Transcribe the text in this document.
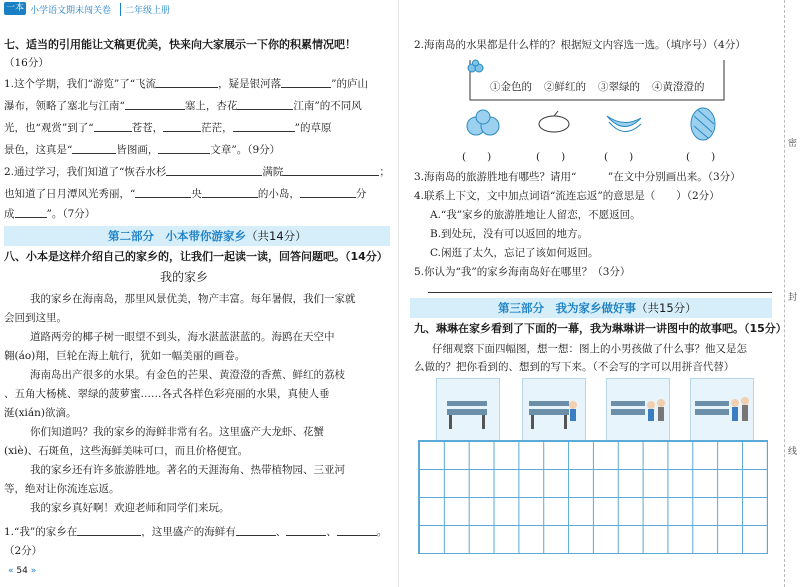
一本 小学语文期末闯关卷	二年级上册
七、适当的引用能让文稿更优美，快来向大家展示一下你的积累情况吧！
（16分）
1.这个学期，我们“游览”了“飞流	，疑是银河落	”的庐山
瀑布，领略了塞北与江南“	塞上，杏花	江南”的不同风
光，也“观赏”到了“	苍苍，	茫茫，	”的草原
景色，这真是“	皆图画，	文章”。（9分）
2.通过学习，我们知道了“恢吞水杉	满院	；
也知道了日月潭风光秀丽，“	央	的小岛，	分
成	”。（7分）
第二部分　小本带你游家乡（共14分）
八、小本是这样介绍自己的家乡的，让我们一起读一读，回答问题吧。（14分）
我的家乡
我的家乡在海南岛，那里风景优美，物产丰富。每年暑假，我们一家就
会回到这里。
道路两旁的椰子树一眼望不到头，海水湛蓝湛蓝的。海鸥在天空中
翱(áo)翔，巨轮在海上航行，犹如一幅美丽的画卷。
海南岛出产很多的水果。有金色的芒果、黄澄澄的香蕉、鲜红的荔枝
、五角大杨桃、翠绿的菠萝蜜……各式各样色彩亮丽的水果，真使人垂
涎(xián)欲滴。
你们知道吗？我的家乡的海鲜非常有名。这里盛产大龙虾、花蟹
(xiè)、石斑鱼，这些海鲜美味可口，而且价格便宜。
我的家乡还有许多旅游胜地。著名的天涯海角、热带植物园、三亚河
等，绝对让你流连忘返。
我的家乡真好啊！欢迎老师和同学们来玩。
1.“我”的家乡在	，这里盛产的海鲜有	、	、	。
（2分）
« 54 »
2.海南岛的水果都是什么样的？根据短文内容选一选。（填序号）（4分）
①金色的 ②鲜红的 ③翠绿的 ④黄澄澄的
(　　)	(　　)	(　　)	(　　)
3.海南岛的旅游胜地有哪些？请用“　　　”在文中分别画出来。（3分）
4.联系上下文，文中加点词语“流连忘返”的意思是（　　）（2分）
A.“我”家乡的旅游胜地让人留恋，不愿返回。
B.到处玩，没有可以返回的地方。
C.闲逛了太久，忘记了该如何返回。
5.你认为“我”的家乡海南岛好在哪里？（3分）
第三部分　我为家乡做好事（共15分）
九、琳琳在家乡看到了下面的一幕，我为琳琳讲一讲图中的故事吧。（15分）
仔细观察下面四幅图，想一想：图上的小男孩做了什么事？他又是怎
么做的？把你看到的、想到的写下来。（不会写的字可以用拼音代替）
密
封
线
